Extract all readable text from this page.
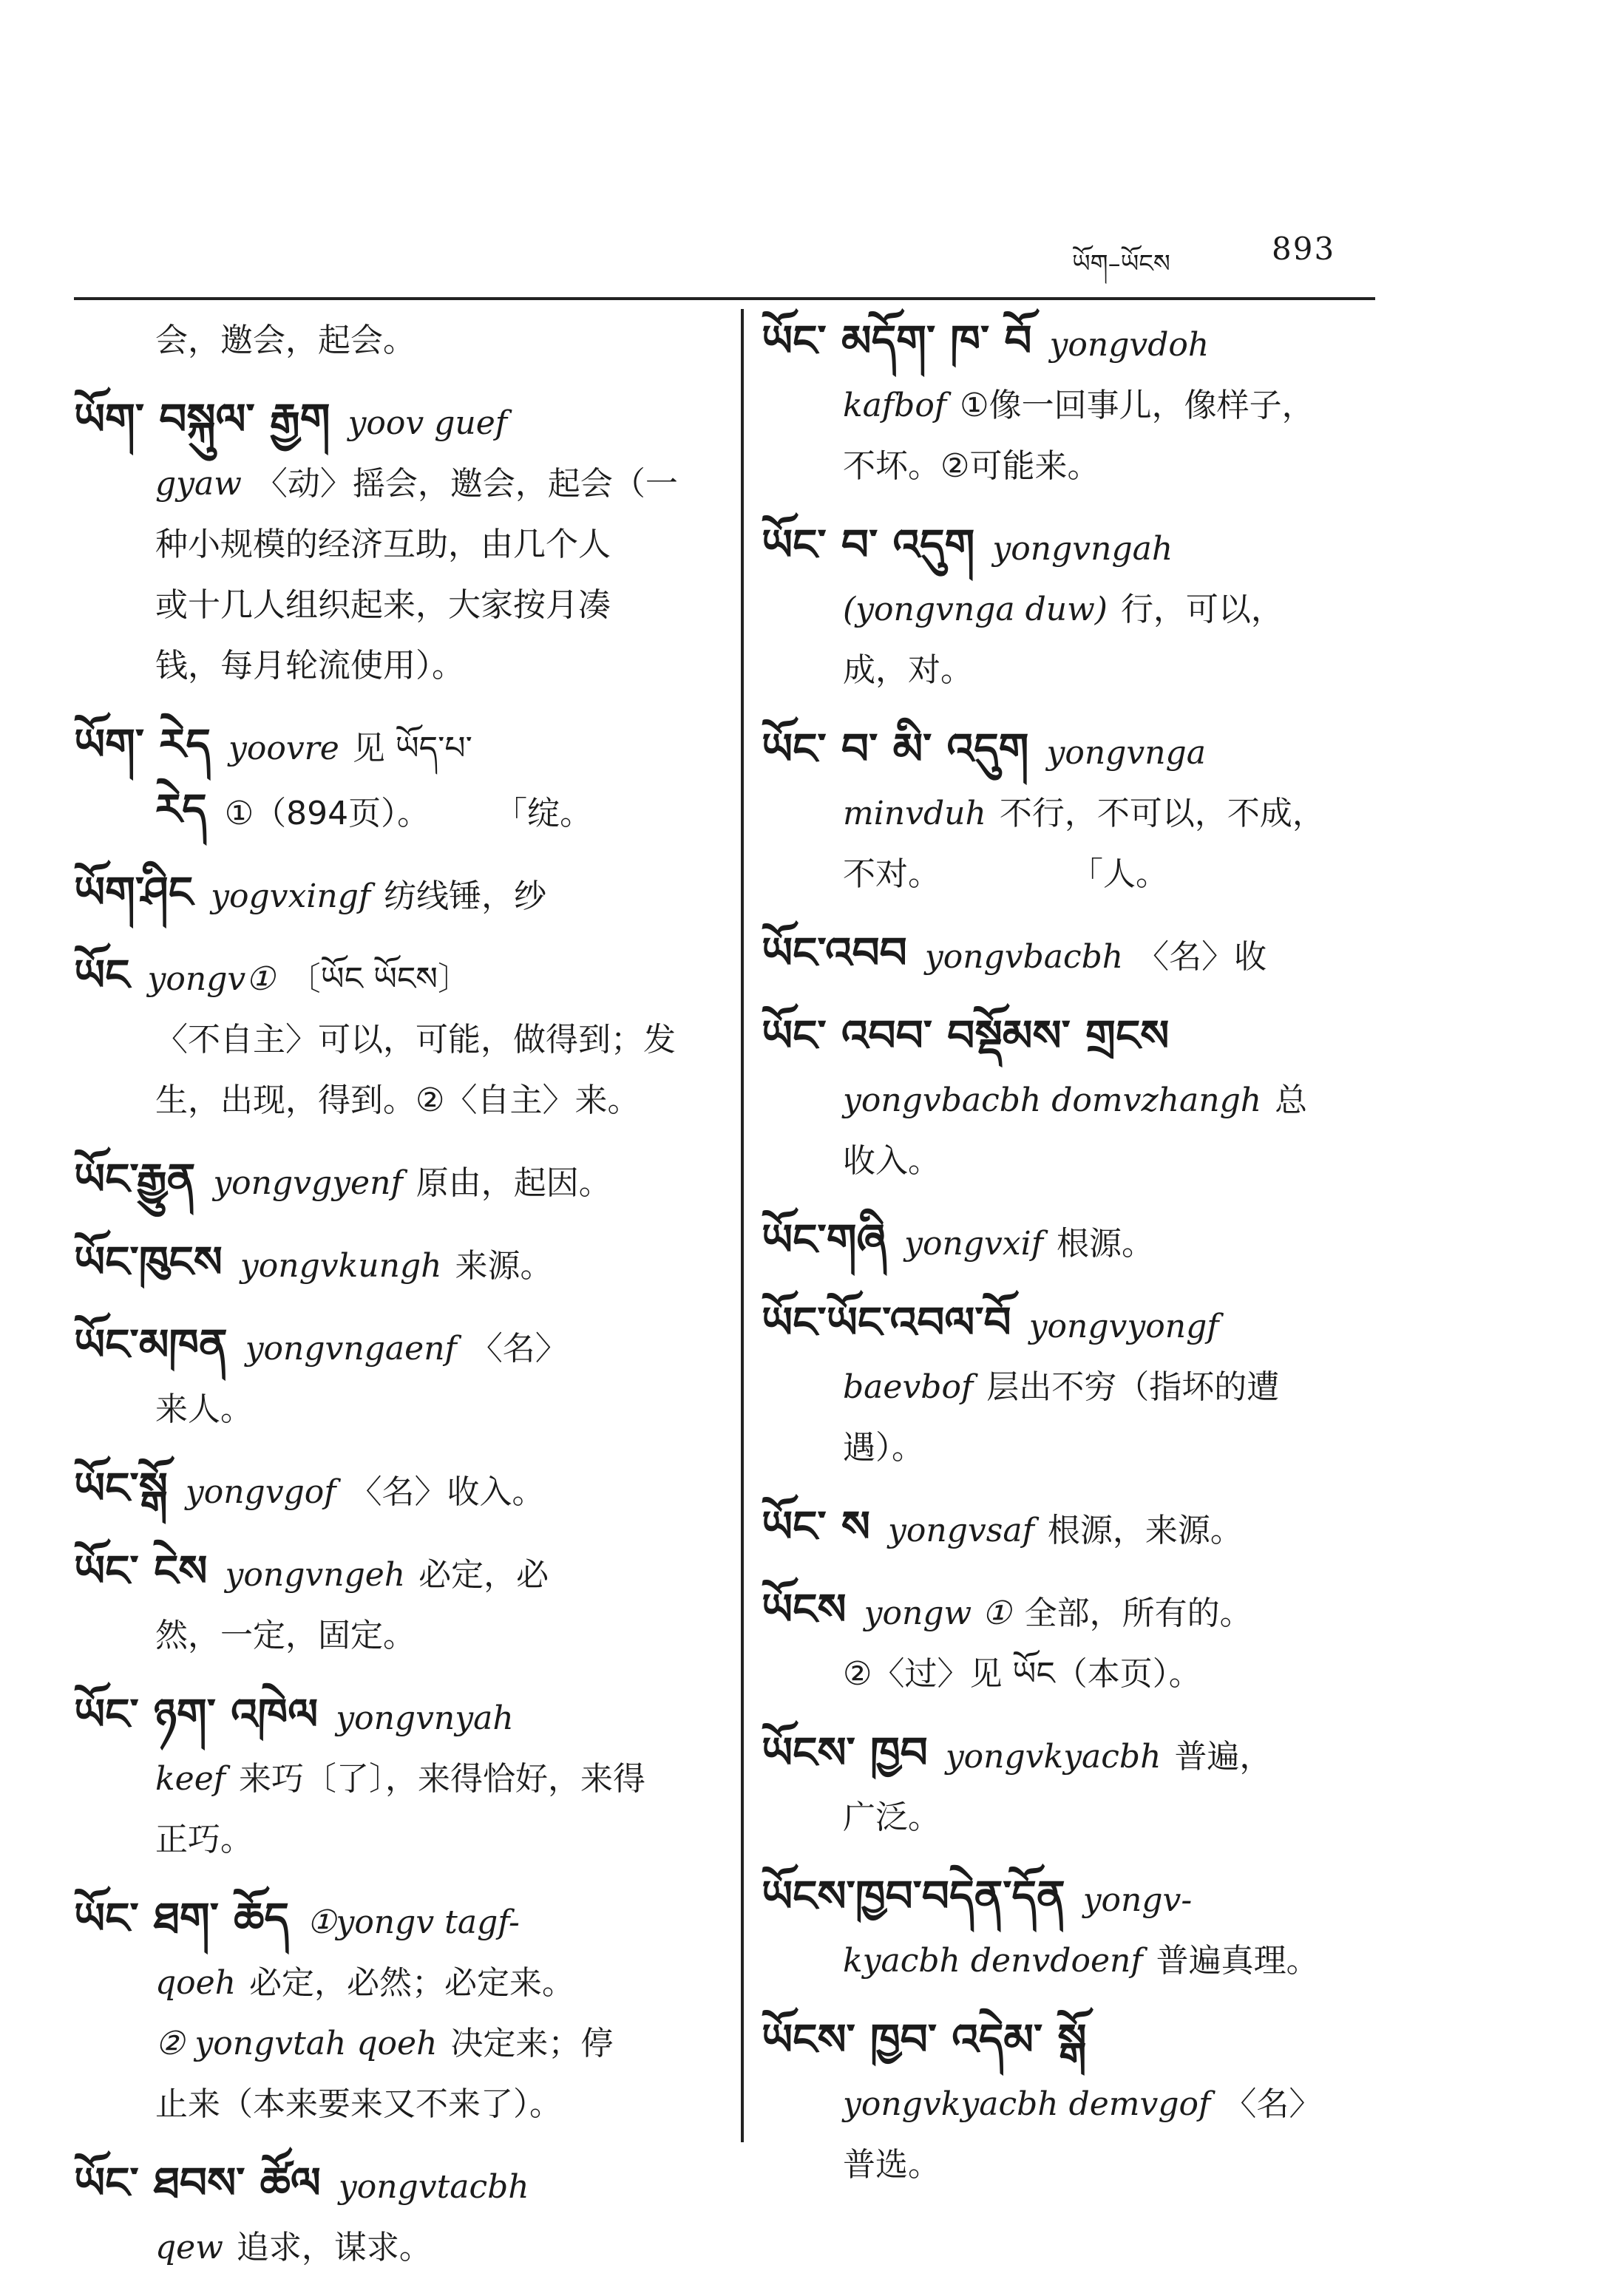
ཡོག–ཡོངས	893
会，邀会，起会。
ཡོག་ བསྐུལ་ རྒྱག yoov guef
gyaw 〈动〉摇会，邀会，起会（一
种小规模的经济互助，由几个人
或十几人组织起来，大家按月凑
钱，每月轮流使用）。
ཡོག་ རེད yoovre 见 ཡོད་པ་
རེད ①（894页）。　　　「绽。
ཡོག་ཤིང yogvxingf 纺线锤，纱
ཡོང yongv① 〔ཡོང ཡོངས〕
〈不自主〉可以，可能，做得到；发
生，出现，得到。②〈自主〉来。
ཡོང་རྒྱུན yongvgyenf 原由，起因。
ཡོང་ཁུངས yongvkungh 来源。
ཡོང་མཁན yongvngaenf 〈名〉
来人。
ཡོང་སྒོ yongvgof 〈名〉收入。
ཡོང་ ངེས yongvngeh 必定，必
然，一定，固定。
ཡོང་ ཉག་ འཁེལ yongvnyah
keef 来巧〔了〕，来得恰好，来得
正巧。
ཡོང་ ཐག་ ཆོད ①yongv tagf-
qoeh 必定，必然；必定来。
② yongvtah qoeh 决定来；停
止来（本来要来又不来了）。
ཡོང་ ཐབས་ ཚོལ yongvtacbh
qew 追求，谋求。
ཡོང་ མདོག་ ཁ་ བོ yongvdoh
kafbof ①像一回事儿，像样子，
不坏。②可能来。
ཡོང་ བ་ འདུག yongvngah
(yongvnga duw) 行，可以，
成，对。
ཡོང་ བ་ མི་ འདུག yongvnga
minvduh 不行，不可以，不成，
不对。　　　　　「人。
ཡོང་འབབ yongvbacbh 〈名〉收
ཡོང་ འབབ་ བསྡོམས་ གྲངས
yongvbacbh domvzhangh 总
收入。
ཡོང་གཞི yongvxif 根源。
ཡོང་ཡོང་འབལ་བོ yongvyongf
baevbof 层出不穷（指坏的遭
遇）。
ཡོང་ ས yongvsaf 根源，来源。
ཡོངས yongw ① 全部，所有的。
②〈过〉见 ཡོང（本页）。
ཡོངས་ ཁྱབ yongvkyacbh 普遍，
广泛。
ཡོངས་ཁྱབ་བདེན་དོན yongv-
kyacbh denvdoenf 普遍真理。
ཡོངས་ ཁྱབ་ འདེམ་ སྒོ
yongvkyacbh demvgof 〈名〉
普选。
